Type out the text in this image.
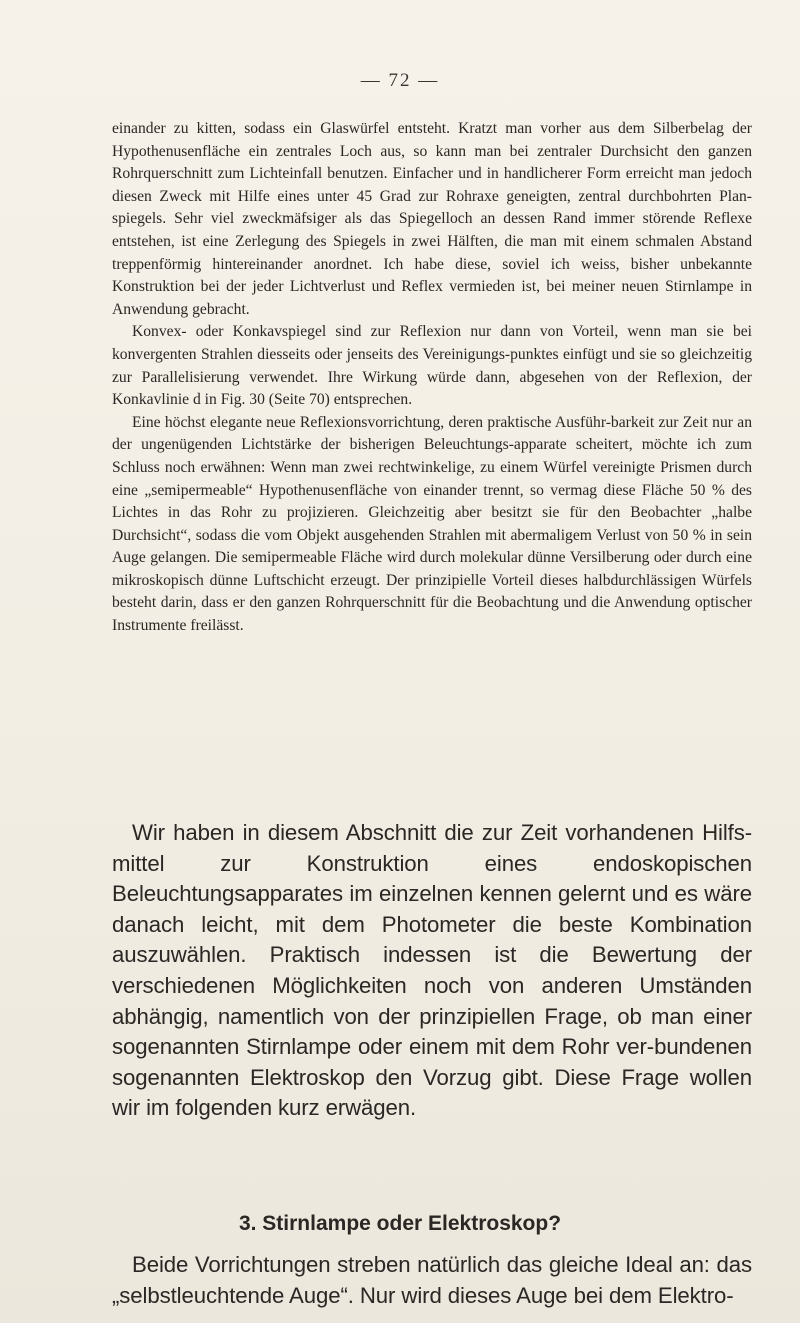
— 72 —

einander zu kitten, sodass ein Glaswürfel entsteht. Kratzt man vorher aus dem Silberbelag der Hypothenusenfläche ein zentrales Loch aus, so kann man bei zentraler Durchsicht den ganzen Rohrquerschnitt zum Lichteinfall benutzen. Einfacher und in handlicherer Form erreicht man jedoch diesen Zweck mit Hilfe eines unter 45 Grad zur Rohraxe geneigten, zentral durchbohrten Plan-spiegels. Sehr viel zweckmäfsiger als das Spiegelloch an dessen Rand immer störende Reflexe entstehen, ist eine Zerlegung des Spiegels in zwei Hälften, die man mit einem schmalen Abstand treppenförmig hintereinander anordnet. Ich habe diese, soviel ich weiss, bisher unbekannte Konstruktion bei der jeder Lichtverlust und Reflex vermieden ist, bei meiner neuen Stirnlampe in Anwendung gebracht.

Konvex- oder Konkavspiegel sind zur Reflexion nur dann von Vorteil, wenn man sie bei konvergenten Strahlen diesseits oder jenseits des Vereinigungs-punktes einfügt und sie so gleichzeitig zur Parallelisierung verwendet. Ihre Wirkung würde dann, abgesehen von der Reflexion, der Konkavlinie d in Fig. 30 (Seite 70) entsprechen.

Eine höchst elegante neue Reflexionsvorrichtung, deren praktische Ausführ-barkeit zur Zeit nur an der ungenügenden Lichtstärke der bisherigen Beleuchtungs-apparate scheitert, möchte ich zum Schluss noch erwähnen: Wenn man zwei rechtwinkelige, zu einem Würfel vereinigte Prismen durch eine „semipermeable“ Hypothenusenfläche von einander trennt, so vermag diese Fläche 50 % des Lichtes in das Rohr zu projizieren. Gleichzeitig aber besitzt sie für den Beobachter „halbe Durchsicht“, sodass die vom Objekt ausgehenden Strahlen mit abermaligem Verlust von 50 % in sein Auge gelangen. Die semipermeable Fläche wird durch molekular dünne Versilberung oder durch eine mikroskopisch dünne Luftschicht erzeugt. Der prinzipielle Vorteil dieses halbdurchlässigen Würfels besteht darin, dass er den ganzen Rohrquerschnitt für die Beobachtung und die Anwendung optischer Instrumente freilässt.

Wir haben in diesem Abschnitt die zur Zeit vorhandenen Hilfs-mittel zur Konstruktion eines endoskopischen Beleuchtungsapparates im einzelnen kennen gelernt und es wäre danach leicht, mit dem Photometer die beste Kombination auszuwählen. Praktisch indessen ist die Bewertung der verschiedenen Möglichkeiten noch von anderen Umständen abhängig, namentlich von der prinzipiellen Frage, ob man einer sogenannten Stirnlampe oder einem mit dem Rohr ver-bundenen sogenannten Elektroskop den Vorzug gibt. Diese Frage wollen wir im folgenden kurz erwägen.

3. Stirnlampe oder Elektroskop?

Beide Vorrichtungen streben natürlich das gleiche Ideal an: das „selbstleuchtende Auge“. Nur wird dieses Auge bei dem Elektro-
